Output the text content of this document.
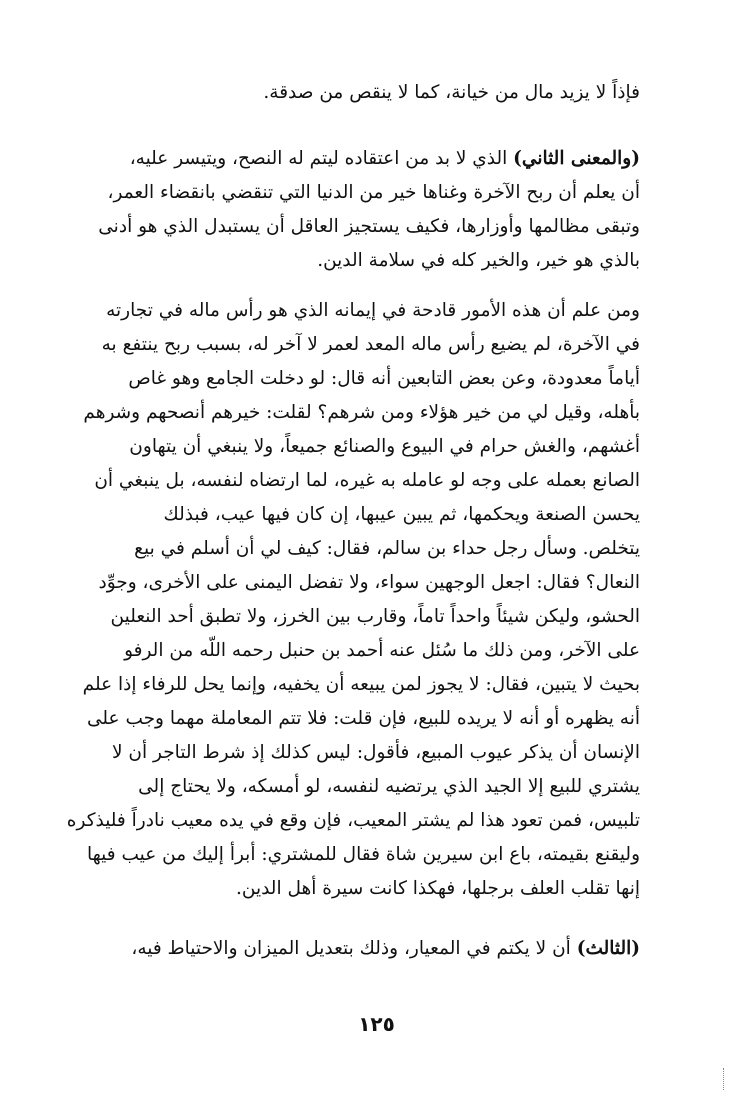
فإذاً لا يزيد مال من خيانة، كما لا ينقص من صدقة.

(والمعنى الثاني) الذي لا بد من اعتقاده ليتم له النصح، ويتيسر عليه،
أن يعلم أن ربح الآخرة وغناها خير من الدنيا التي تنقضي بانقضاء العمر،
وتبقى مظالمها وأوزارها، فكيف يستجيز العاقل أن يستبدل الذي هو أدنى
بالذي هو خير، والخير كله في سلامة الدين.

ومن علم أن هذه الأمور قادحة في إيمانه الذي هو رأس ماله في تجارته
في الآخرة، لم يضيع رأس ماله المعد لعمر لا آخر له، بسبب ربح ينتفع به
أياماً معدودة، وعن بعض التابعين أنه قال: لو دخلت الجامع وهو غاص
بأهله، وقيل لي من خير هؤلاء ومن شرهم؟ لقلت: خيرهم أنصحهم وشرهم
أغشهم، والغش حرام في البيوع والصنائع جميعاً، ولا ينبغي أن يتهاون
الصانع بعمله على وجه لو عامله به غيره، لما ارتضاه لنفسه، بل ينبغي أن
يحسن الصنعة ويحكمها، ثم يبين عيبها، إن كان فيها عيب، فبذلك
يتخلص. وسأل رجل حداء بن سالم، فقال: كيف لي أن أسلم في بيع
النعال؟ فقال: اجعل الوجهين سواء، ولا تفضل اليمنى على الأخرى، وجوِّد
الحشو، وليكن شيئاً واحداً تاماً، وقارب بين الخرز، ولا تطبق أحد النعلين
على الآخر، ومن ذلك ما سُئل عنه أحمد بن حنبل رحمه اللّه من الرفو
بحيث لا يتبين، فقال: لا يجوز لمن يبيعه أن يخفيه، وإنما يحل للرفاء إذا علم
أنه يظهره أو أنه لا يريده للبيع، فإن قلت: فلا تتم المعاملة مهما وجب على
الإنسان أن يذكر عيوب المبيع، فأقول: ليس كذلك إذ شرط التاجر أن لا
يشتري للبيع إلا الجيد الذي يرتضيه لنفسه، لو أمسكه، ولا يحتاج إلى
تلبيس، فمن تعود هذا لم يشتر المعيب، فإن وقع في يده معيب نادراً فليذكره
وليقنع بقيمته، باع ابن سيرين شاة فقال للمشتري: أبرأ إليك من عيب فيها
إنها تقلب العلف برجلها، فهكذا كانت سيرة أهل الدين.

(الثالث) أن لا يكتم في المعيار، وذلك بتعديل الميزان والاحتياط فيه،

١٢٥
